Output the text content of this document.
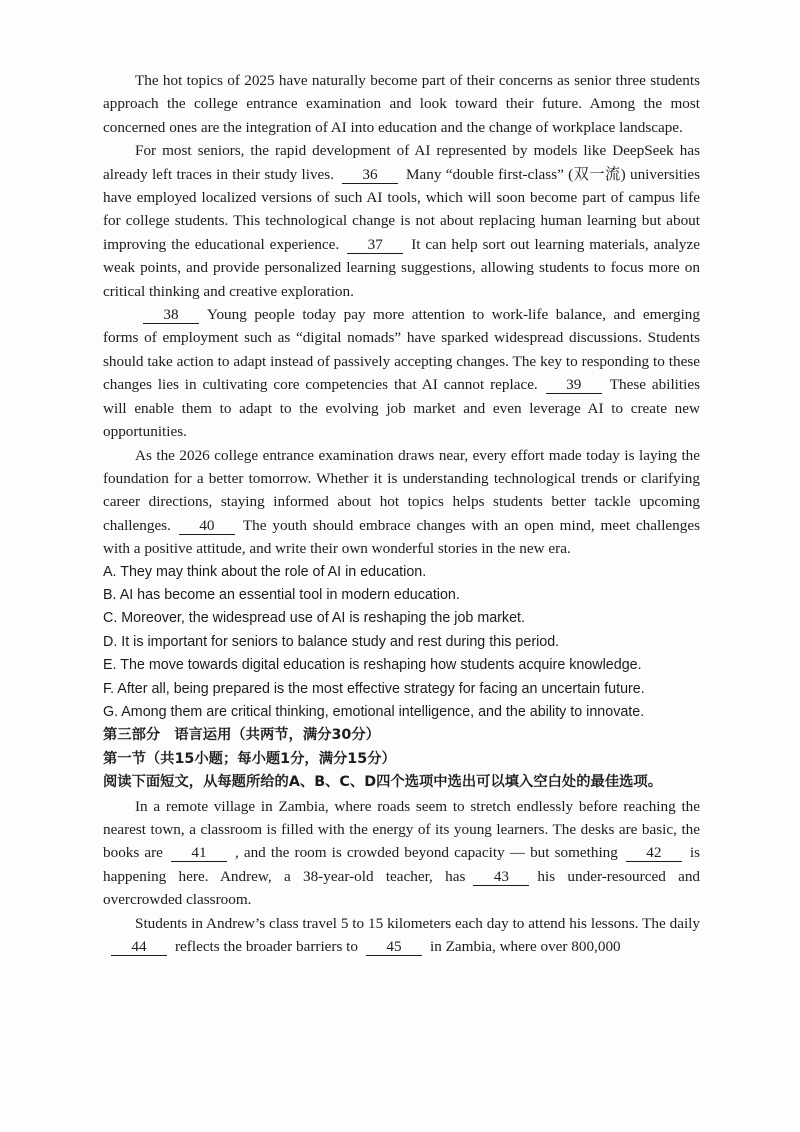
The hot topics of 2025 have naturally become part of their concerns as senior three students approach the college entrance examination and look toward their future. Among the most concerned ones are the integration of AI into education and the change of workplace landscape.

For most seniors, the rapid development of AI represented by models like DeepSeek has already left traces in their study lives. 36 Many “double first-class” (双一流) universities have employed localized versions of such AI tools, which will soon become part of campus life for college students. This technological change is not about replacing human learning but about improving the educational experience. 37 It can help sort out learning materials, analyze weak points, and provide personalized learning suggestions, allowing students to focus more on critical thinking and creative exploration.

38 Young people today pay more attention to work-life balance, and emerging forms of employment such as “digital nomads” have sparked widespread discussions. Students should take action to adapt instead of passively accepting changes. The key to responding to these changes lies in cultivating core competencies that AI cannot replace. 39 These abilities will enable them to adapt to the evolving job market and even leverage AI to create new opportunities.

As the 2026 college entrance examination draws near, every effort made today is laying the foundation for a better tomorrow. Whether it is understanding technological trends or clarifying career directions, staying informed about hot topics helps students better tackle upcoming challenges. 40 The youth should embrace changes with an open mind, meet challenges with a positive attitude, and write their own wonderful stories in the new era.

A. They may think about the role of AI in education.

B. AI has become an essential tool in modern education.

C. Moreover, the widespread use of AI is reshaping the job market.

D. It is important for seniors to balance study and rest during this period.

E. The move towards digital education is reshaping how students acquire knowledge.

F. After all, being prepared is the most effective strategy for facing an uncertain future.

G. Among them are critical thinking, emotional intelligence, and the ability to innovate.

第三部分 语言运用（共两节，满分30分）

第一节（共15小题；每小题1分，满分15分）

阅读下面短文，从每题所给的A、B、C、D四个选项中选出可以填入空白处的最佳选项。

In a remote village in Zambia, where roads seem to stretch endlessly before reaching the nearest town, a classroom is filled with the energy of its young learners. The desks are basic, the books are 41 , and the room is crowded beyond capacity — but something 42 is happening here. Andrew, a 38-year-old teacher, has 43 his under-resourced and overcrowded classroom.

Students in Andrew’s class travel 5 to 15 kilometers each day to attend his lessons. The daily44 reflects the broader barriers to 45 in Zambia, where over 800,000
